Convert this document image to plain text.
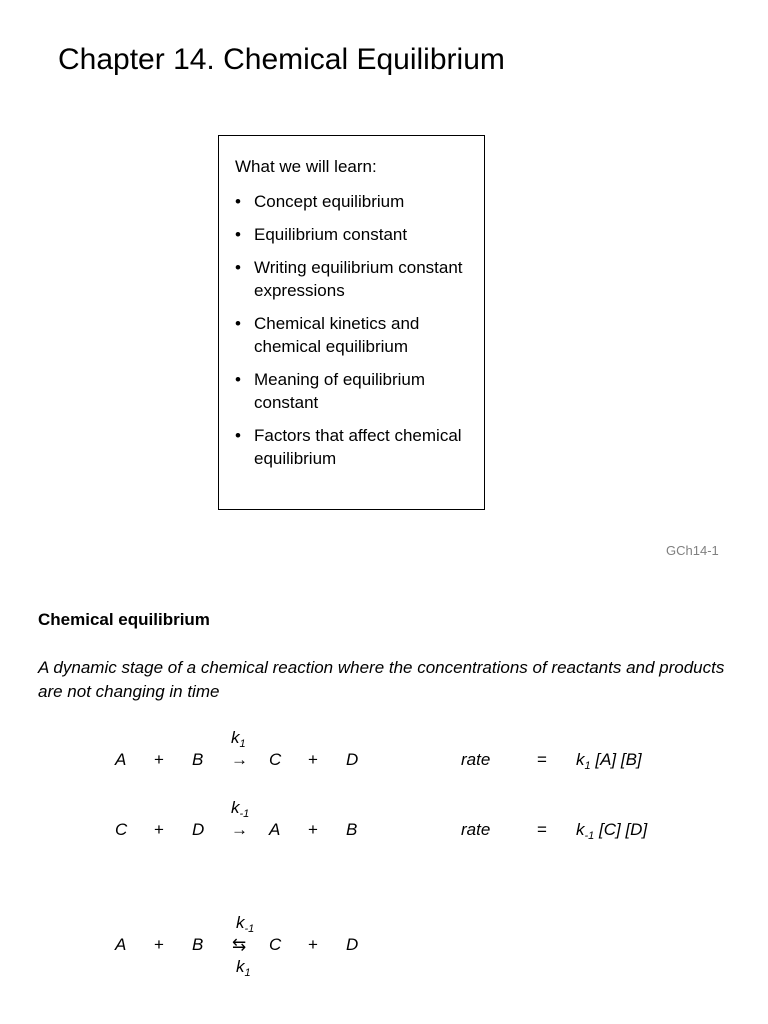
Chapter 14. Chemical Equilibrium
What we will learn:
• Concept equilibrium
• Equilibrium constant
• Writing equilibrium constant expressions
• Chemical kinetics and chemical equilibrium
• Meaning of equilibrium constant
• Factors that affect chemical equilibrium
GCh14-1
Chemical equilibrium
A dynamic stage of a chemical reaction where the concentrations of reactants and products are not changing in time
$k_1$
A + B → C + D	rate	= $k_1$ [A] [B]
$k_{-1}$
C + D → A + B	rate	= $k_{-1}$ [C] [D]
$k_{-1}$
A + B ⇆ C + D
$k_1$
